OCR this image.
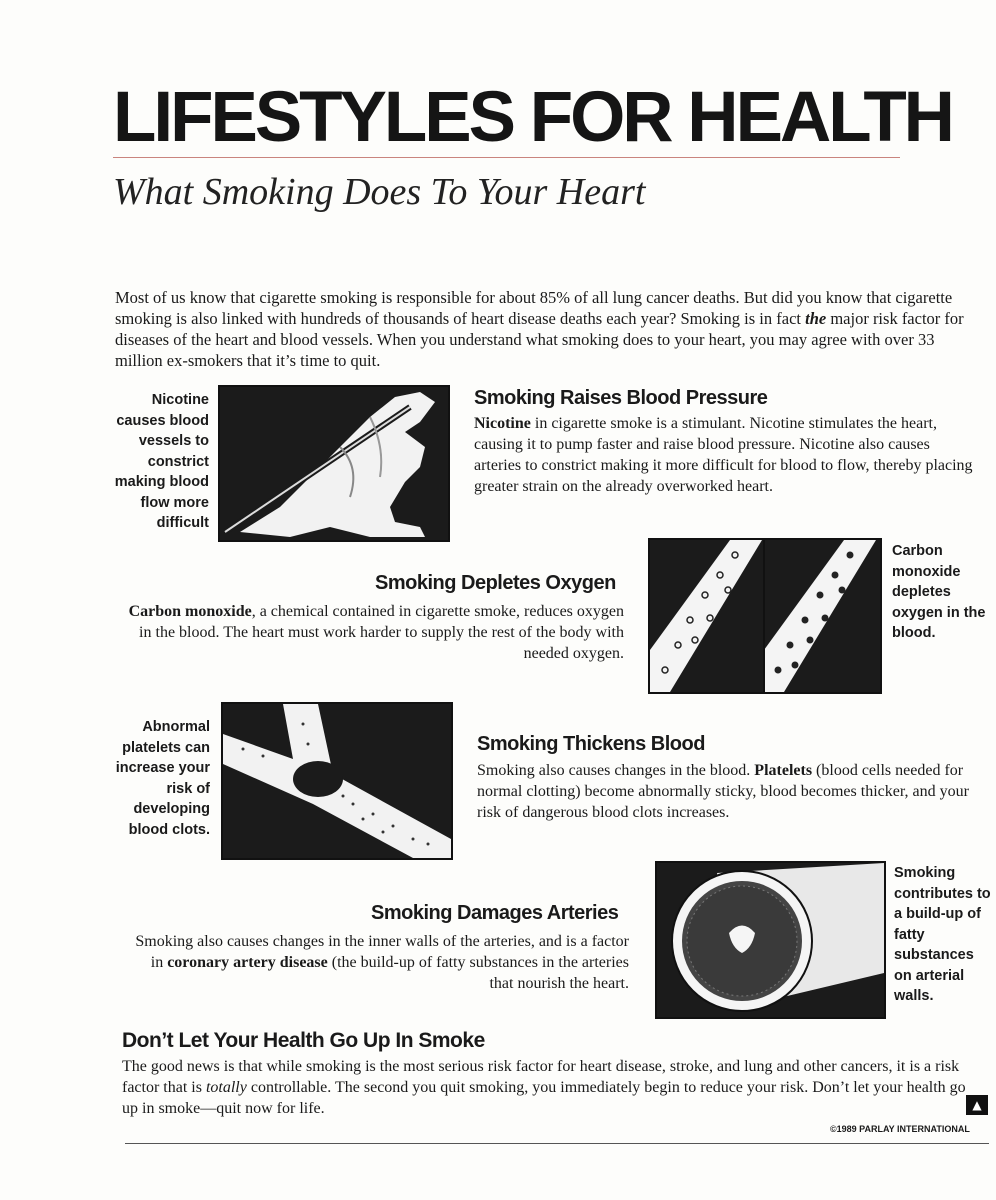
LIFESTYLES FOR HEALTH
What Smoking Does To Your Heart
Most of us know that cigarette smoking is responsible for about 85% of all lung cancer deaths. But did you know that cigarette smoking is also linked with hundreds of thousands of heart disease deaths each year? Smoking is in fact the major risk factor for diseases of the heart and blood vessels. When you understand what smoking does to your heart, you may agree with over 33 million ex-smokers that it’s time to quit.
Nicotine causes blood vessels to constrict making blood flow more difficult
Smoking Raises Blood Pressure
Nicotine in cigarette smoke is a stimulant. Nicotine stimulates the heart, causing it to pump faster and raise blood pressure. Nicotine also causes arteries to constrict making it more difficult for blood to flow, thereby placing greater strain on the already overworked heart.
Smoking Depletes Oxygen
Carbon monoxide, a chemical contained in cigarette smoke, reduces oxygen in the blood. The heart must work harder to supply the rest of the body with needed oxygen.
Carbon monoxide depletes oxygen in the blood.
Abnormal platelets can increase your risk of developing blood clots.
Smoking Thickens Blood
Smoking also causes changes in the blood. Platelets (blood cells needed for normal clotting) become abnormally sticky, blood becomes thicker, and your risk of dangerous blood clots increases.
Smoking Damages Arteries
Smoking also causes changes in the inner walls of the arteries, and is a factor in coronary artery disease (the build-up of fatty substances in the arteries that nourish the heart.
Smoking contributes to a build-up of fatty substances on arterial walls.
Don’t Let Your Health Go Up In Smoke
The good news is that while smoking is the most serious risk factor for heart disease, stroke, and lung and other cancers, it is a risk factor that is totally controllable. The second you quit smoking, you immediately begin to reduce your risk. Don’t let your health go up in smoke—quit now for life.	▲
©1989 PARLAY INTERNATIONAL
